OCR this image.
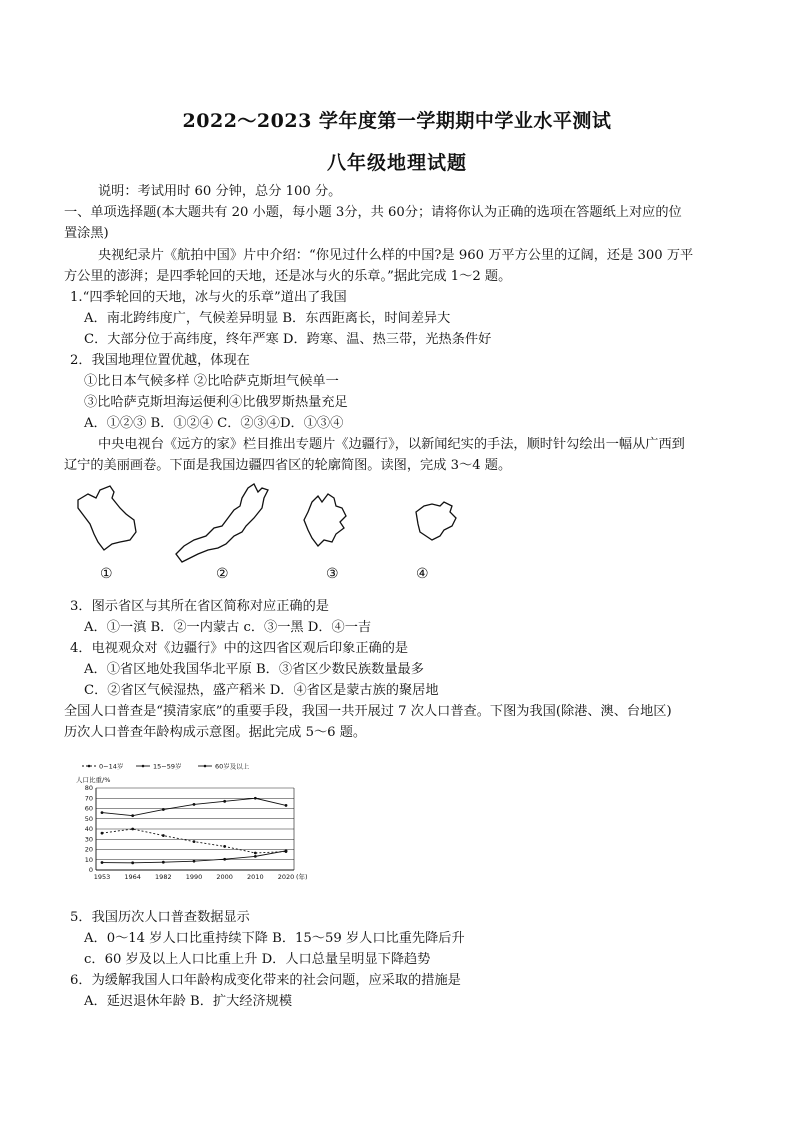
2022～2023 学年度第一学期期中学业水平测试
八年级地理试题
说明：考试用时 60 分钟，总分 100 分。
一、单项选择题(本大题共有 20 小题，每小题 3分，共 60分；请将你认为正确的选项在答题纸上对应的位
置涂黑)
央视纪录片《航拍中国》片中介绍：“你见过什么样的中国?是 960 万平方公里的辽阔，还是 300 万平
方公里的澎湃；是四季轮回的天地，还是冰与火的乐章。”据此完成 1～2 题。
1.“四季轮回的天地，冰与火的乐章”道出了我国
A．南北跨纬度广，气候差异明显 B．东西距离长，时间差异大
C．大部分位于高纬度，终年严寒 D．跨寒、温、热三带，光热条件好
2．我国地理位置优越，体现在
①比日本气候多样 ②比哈萨克斯坦气候单一
③比哈萨克斯坦海运便利④比俄罗斯热量充足
A．①②③ B．①②④ C．②③④D．①③④
中央电视台《远方的家》栏目推出专题片《边疆行》，以新闻纪实的手法，顺时针勾绘出一幅从广西到
辽宁的美丽画卷。下面是我国边疆四省区的轮廓简图。读图，完成 3～4 题。
①	②	③	④
3．图示省区与其所在省区简称对应正确的是
A．①一滇 B．②一内蒙古 c．③一黑 D．④一吉
4．电视观众对《边疆行》中的这四省区观后印象正确的是
A．①省区地处我国华北平原 B．③省区少数民族数量最多
C．②省区气候湿热，盛产稻米 D．④省区是蒙古族的聚居地
全国人口普查是“摸清家底”的重要手段，我国一共开展过 7 次人口普查。下图为我国(除港、澳、台地区)
历次人口普查年龄构成示意图。据此完成 5～6 题。
0
10
20
30
40
50
60
70
80
1953 1964 1982 1990 2000 2010 2020 (年)
人口比重/%
0~14岁	15~59岁	60岁及以上
5．我国历次人口普查数据显示
A．0～14 岁人口比重持续下降 B．15～59 岁人口比重先降后升
c．60 岁及以上人口比重上升 D．人口总量呈明显下降趋势
6．为缓解我国人口年龄构成变化带来的社会问题，应采取的措施是
A．延迟退休年龄 B．扩大经济规模
